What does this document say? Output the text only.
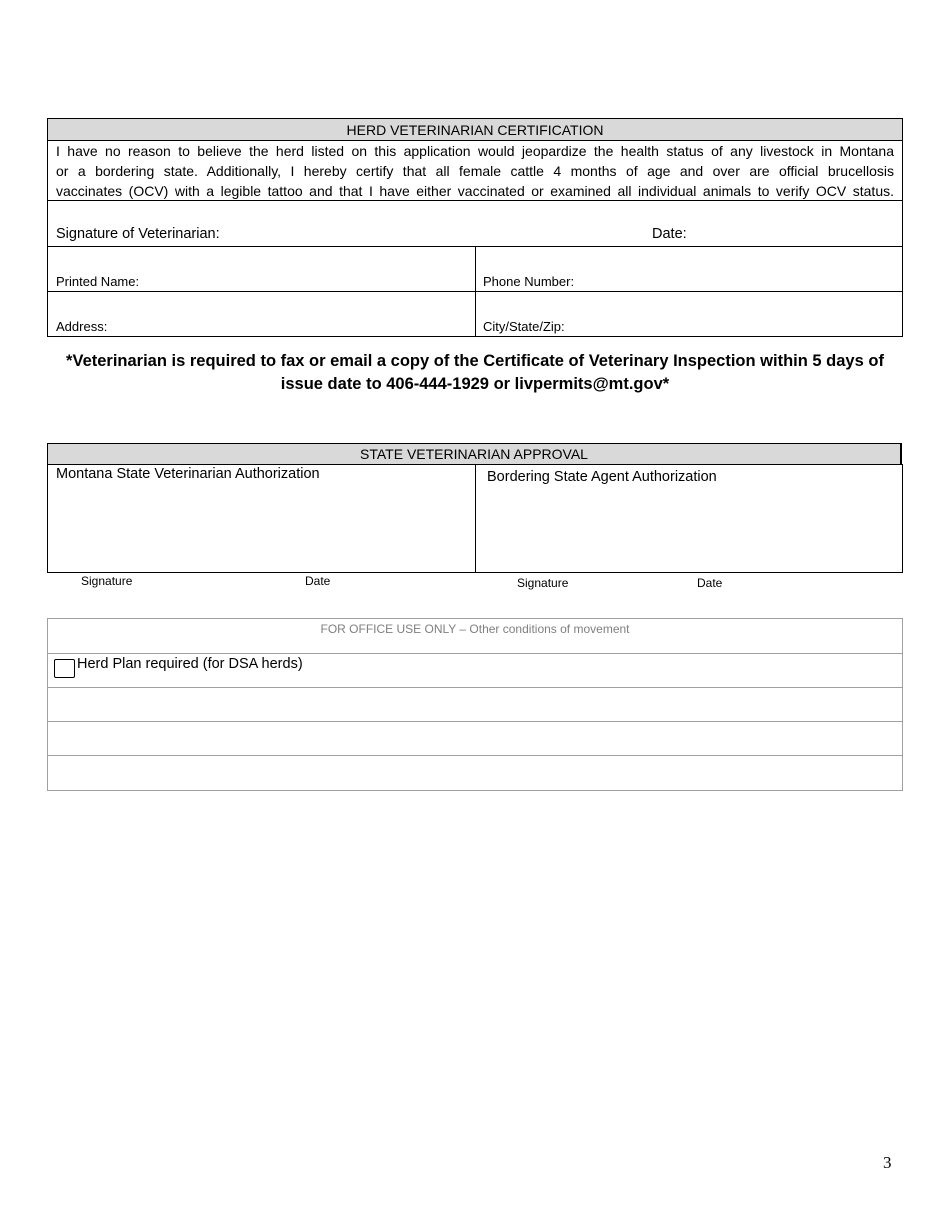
HERD VETERINARIAN CERTIFICATION
I have no reason to believe the herd listed on this application would jeopardize the health status of any livestock in Montana
or a bordering state. Additionally, I hereby certify that all female cattle 4 months of age and over are official brucellosis
vaccinates (OCV) with a legible tattoo and that I have either vaccinated or examined all individual animals to verify OCV status.
Signature of Veterinarian:	Date:
Printed Name:	Phone Number:
Address:	City/State/Zip:
*Veterinarian is required to fax or email a copy of the Certificate of Veterinary Inspection within 5 days of
issue date to 406-444-1929 or livpermits@mt.gov*
STATE VETERINARIAN APPROVAL
Montana State Veterinarian Authorization	Bordering State Agent Authorization
Signature	Date	Signature	Date
FOR OFFICE USE ONLY – Other conditions of movement
Herd Plan required (for DSA herds)
3
